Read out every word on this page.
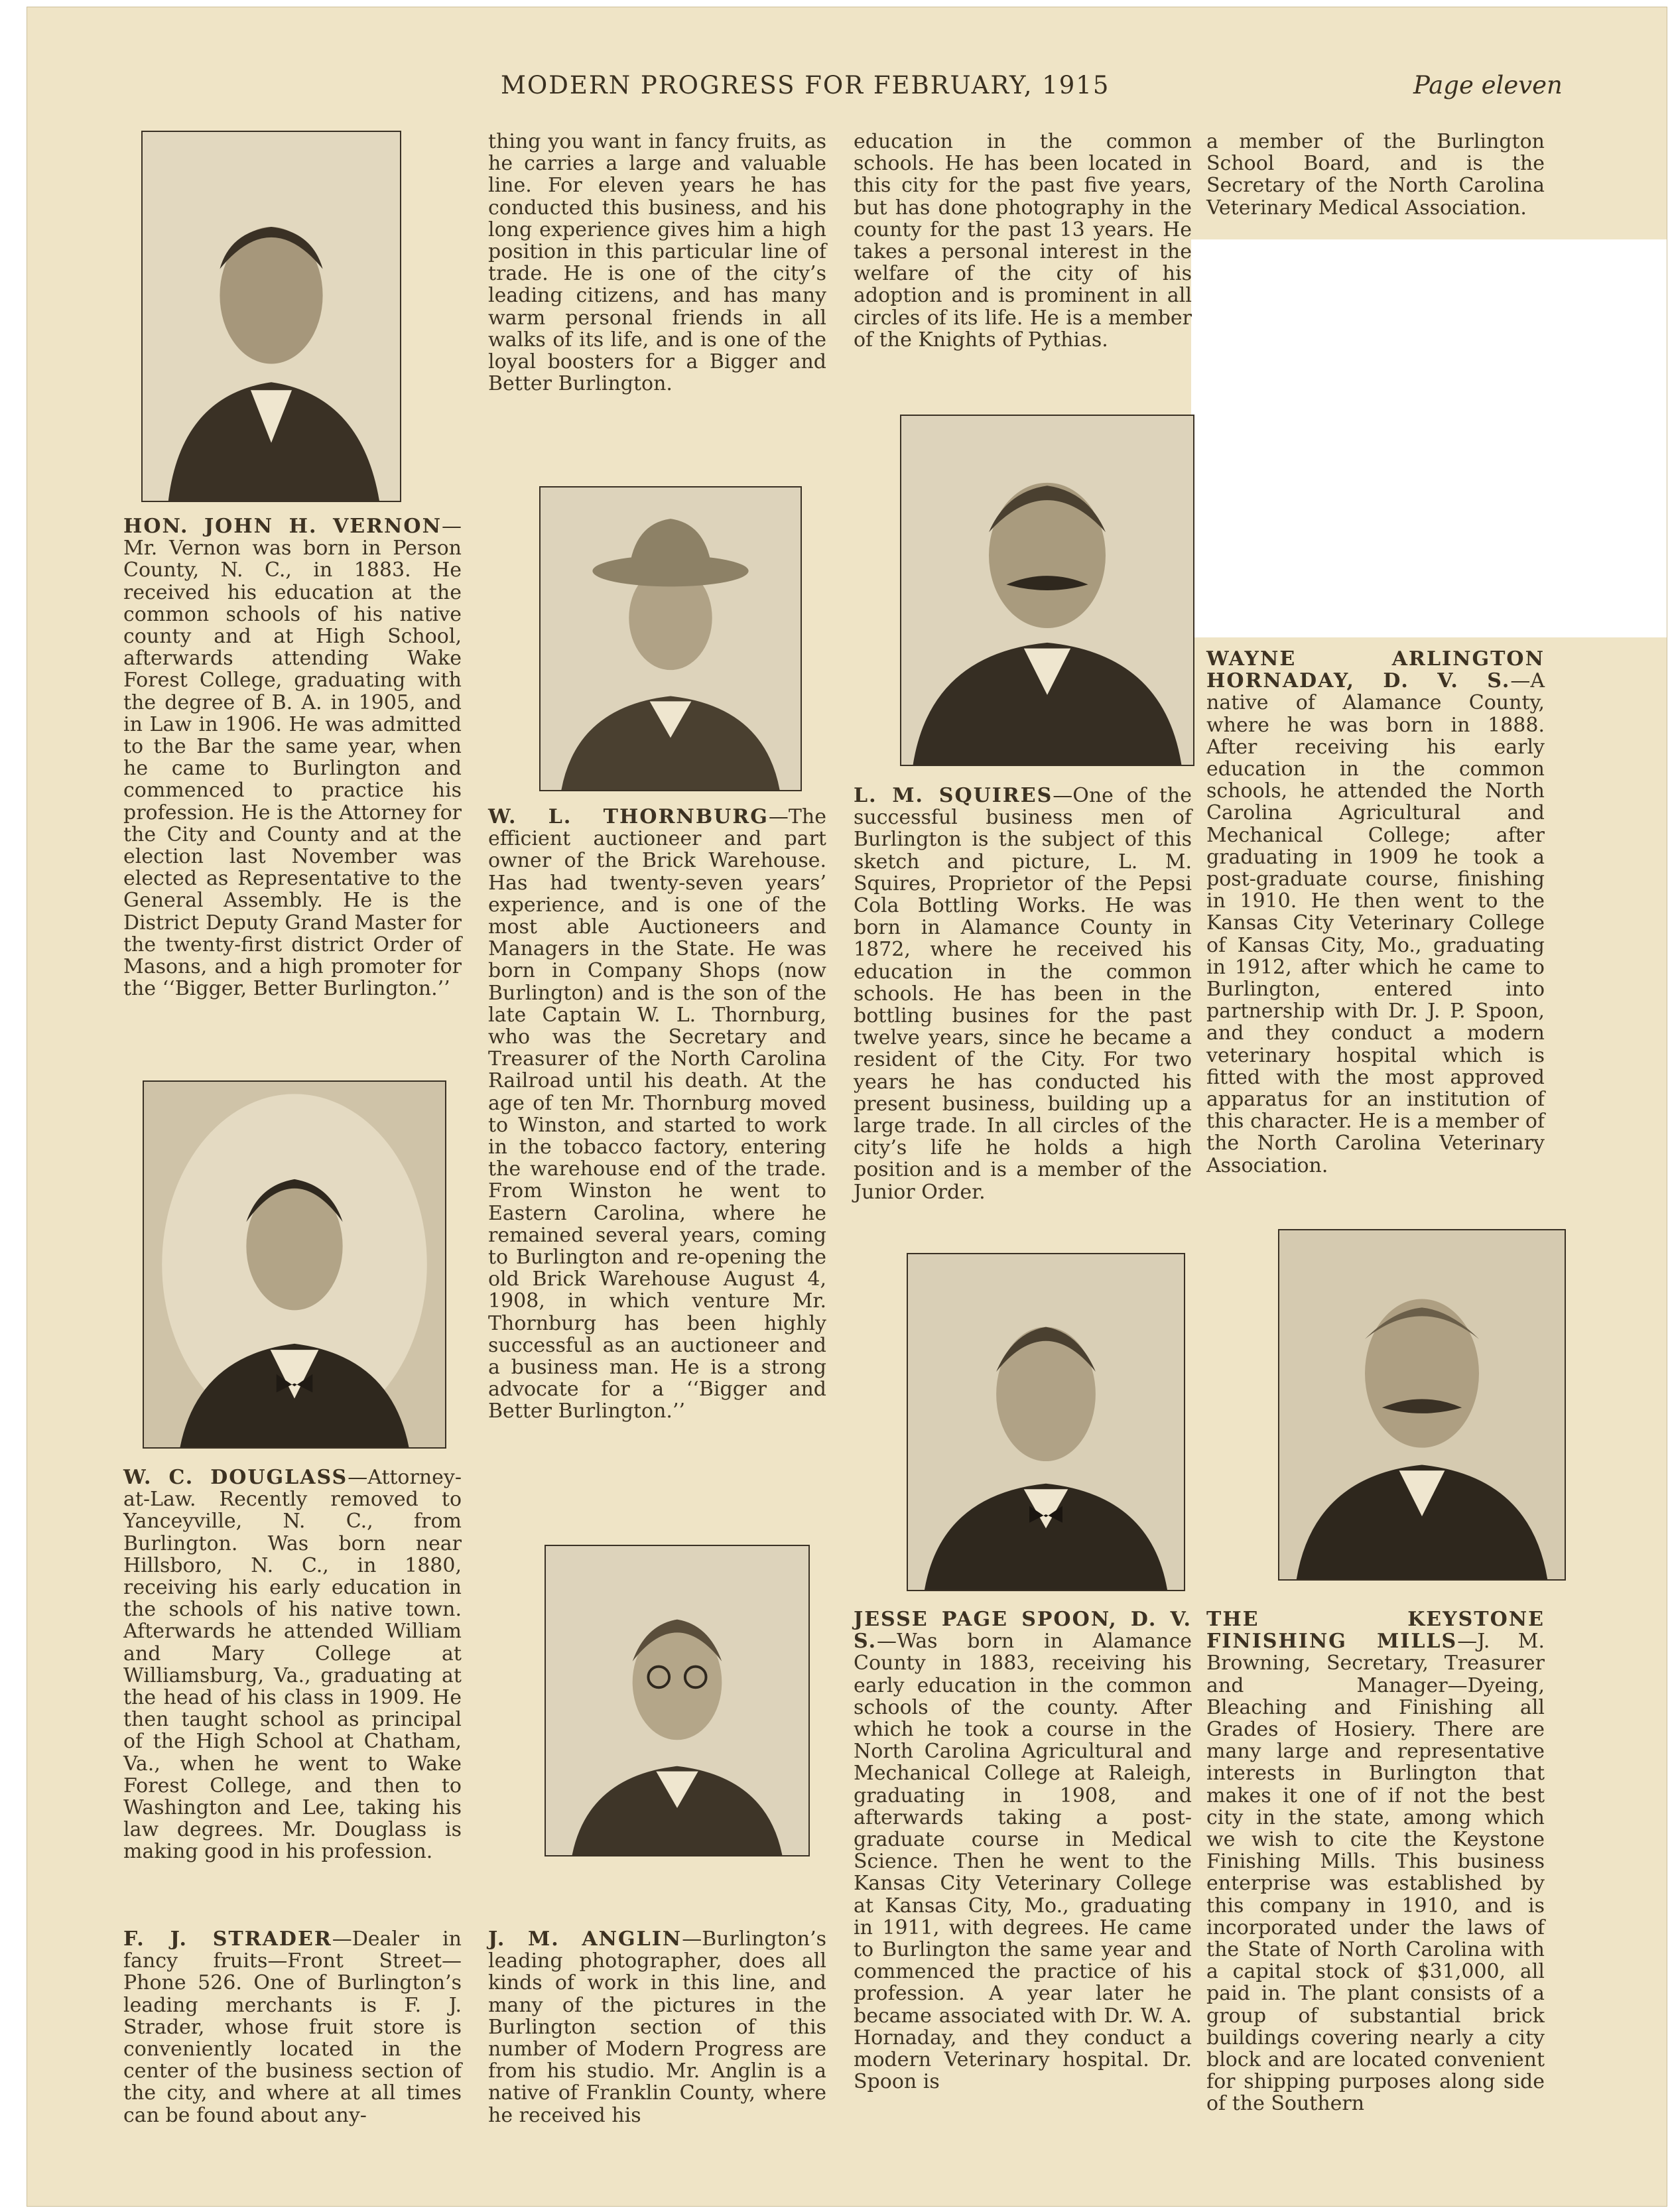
MODERN PROGRESS FOR FEBRUARY, 1915	Page eleven

HON. JOHN H. VERNON—Mr. Vernon was born in Person County, N. C., in 1883. He received his education at the common schools of his native county and at High School, afterwards attending Wake Forest College, graduating with the degree of B. A. in 1905, and in Law in 1906. He was admitted to the Bar the same year, when he came to Burlington and commenced to practice his profession. He is the Attorney for the City and County and at the election last November was elected as Representative to the General Assembly. He is the District Deputy Grand Master for the twenty-first district Order of Masons, and a high promoter for the ‘‘Bigger, Better Burlington.’’

W. C. DOUGLASS—Attorney-at-Law. Recently removed to Yanceyville, N. C., from Burlington. Was born near Hillsboro, N. C., in 1880, receiving his early education in the schools of his native town. Afterwards he attended William and Mary College at Williamsburg, Va., graduating at the head of his class in 1909. He then taught school as principal of the High School at Chatham, Va., when he went to Wake Forest College, and then to Washington and Lee, taking his law degrees. Mr. Douglass is making good in his profession.

F. J. STRADER—Dealer in fancy fruits—Front Street—Phone 526. One of Burlington’s leading merchants is F. J. Strader, whose fruit store is conveniently located in the center of the business section of the city, and where at all times can be found about any-

thing you want in fancy fruits, as he carries a large and valuable line. For eleven years he has conducted this business, and his long experience gives him a high position in this particular line of trade. He is one of the city’s leading citizens, and has many warm personal friends in all walks of its life, and is one of the loyal boosters for a Bigger and Better Burlington.

W. L. THORNBURG—The efficient auctioneer and part owner of the Brick Warehouse. Has had twenty-seven years’ experience, and is one of the most able Auctioneers and Managers in the State. He was born in Company Shops (now Burlington) and is the son of the late Captain W. L. Thornburg, who was the Secretary and Treasurer of the North Carolina Railroad until his death. At the age of ten Mr. Thornburg moved to Winston, and started to work in the tobacco factory, entering the warehouse end of the trade. From Winston he went to Eastern Carolina, where he remained several years, coming to Burlington and re-opening the old Brick Warehouse August 4, 1908, in which venture Mr. Thornburg has been highly successful as an auctioneer and a business man. He is a strong advocate for a ‘‘Bigger and Better Burlington.’’

J. M. ANGLIN—Burlington’s leading photographer, does all kinds of work in this line, and many of the pictures in the Burlington section of this number of Modern Progress are from his studio. Mr. Anglin is a native of Franklin County, where he received his

education in the common schools. He has been located in this city for the past five years, but has done photography in the county for the past 13 years. He takes a personal interest in the welfare of the city of his adoption and is prominent in all circles of its life. He is a member of the Knights of Pythias.

L. M. SQUIRES—One of the successful business men of Burlington is the subject of this sketch and picture, L. M. Squires, Proprietor of the Pepsi Cola Bottling Works. He was born in Alamance County in 1872, where he received his education in the common schools. He has been in the bottling busines for the past twelve years, since he became a resident of the City. For two years he has conducted his present business, building up a large trade. In all circles of the city’s life he holds a high position and is a member of the Junior Order.

JESSE PAGE SPOON, D. V. S.—Was born in Alamance County in 1883, receiving his early education in the common schools of the county. After which he took a course in the North Carolina Agricultural and Mechanical College at Raleigh, graduating in 1908, and afterwards taking a post-graduate course in Medical Science. Then he went to the Kansas City Veterinary College at Kansas City, Mo., graduating in 1911, with degrees. He came to Burlington the same year and commenced the practice of his profession. A year later he became associated with Dr. W. A. Hornaday, and they conduct a modern Veterinary hospital. Dr. Spoon is

a member of the Burlington School Board, and is the Secretary of the North Carolina Veterinary Medical Association.

WAYNE ARLINGTON HORNADAY, D. V. S.—A native of Alamance County, where he was born in 1888. After receiving his early education in the common schools, he attended the North Carolina Agricultural and Mechanical College; after graduating in 1909 he took a post-graduate course, finishing in 1910. He then went to the Kansas City Veterinary College of Kansas City, Mo., graduating in 1912, after which he came to Burlington, entered into partnership with Dr. J. P. Spoon, and they conduct a modern veterinary hospital which is fitted with the most approved apparatus for an institution of this character. He is a member of the North Carolina Veterinary Association.

THE KEYSTONE FINISHING MILLS—J. M. Browning, Secretary, Treasurer and Manager—Dyeing, Bleaching and Finishing all Grades of Hosiery. There are many large and representative interests in Burlington that makes it one of if not the best city in the state, among which we wish to cite the Keystone Finishing Mills. This business enterprise was established by this company in 1910, and is incorporated under the laws of the State of North Carolina with a capital stock of $31,000, all paid in. The plant consists of a group of substantial brick buildings covering nearly a city block and are located convenient for shipping purposes along side of the Southern
